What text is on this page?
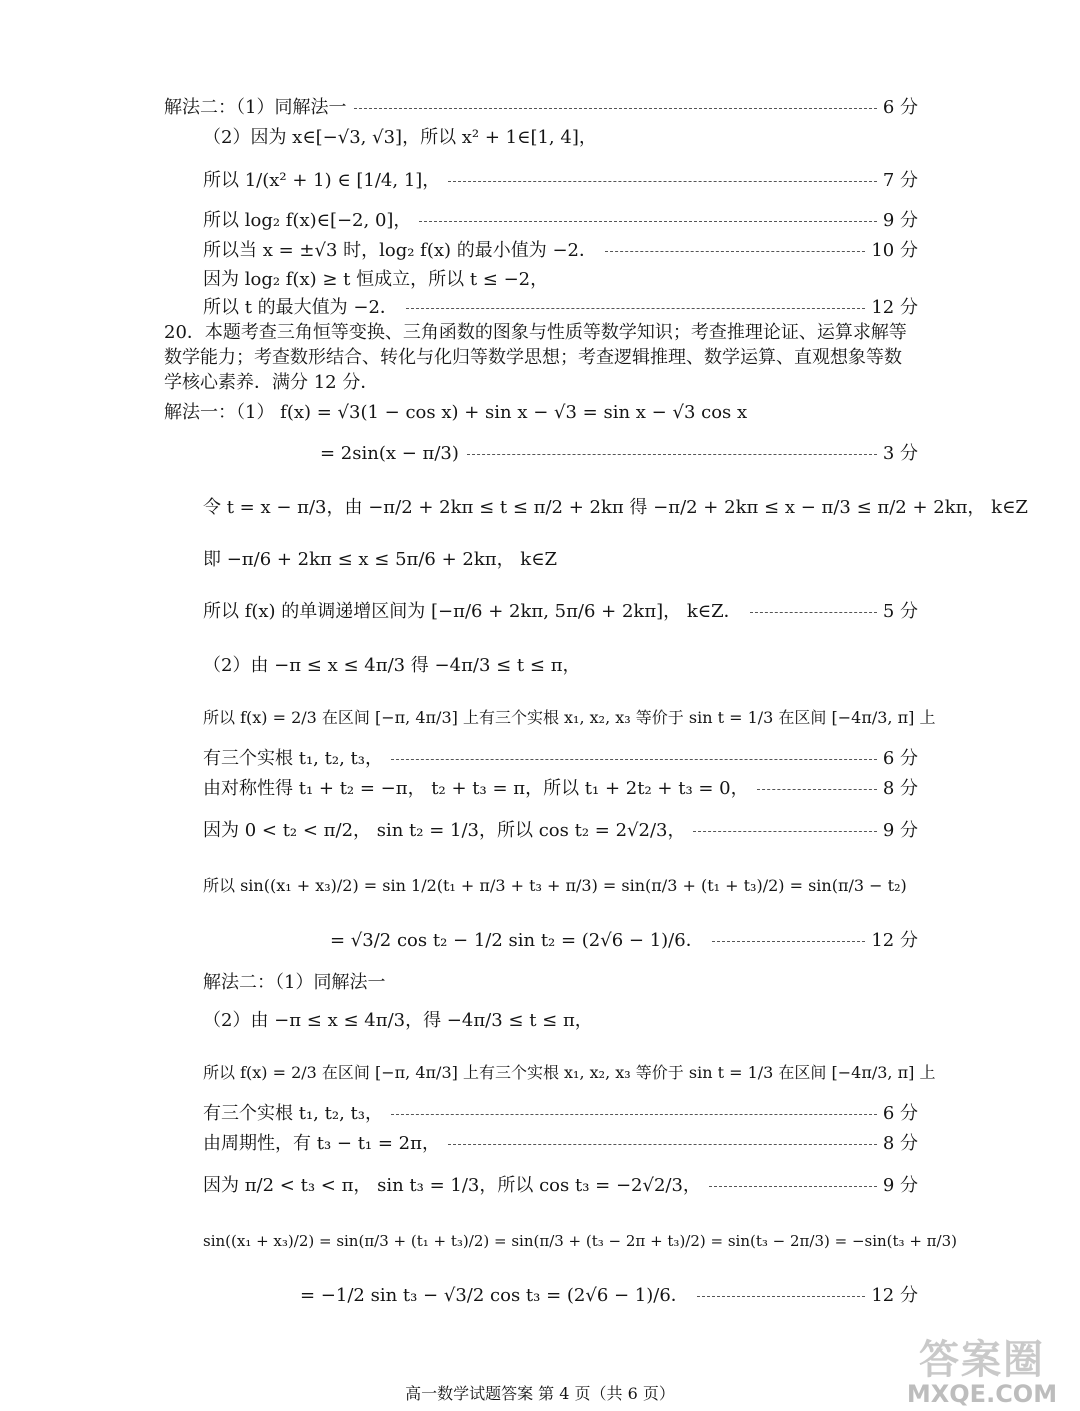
解法二：（1）同解法一	6 分
（2）因为 x∈[−√3, √3]，所以 x² + 1∈[1, 4]，
所以 1/(x² + 1) ∈ [1/4, 1]，	7 分
所以 log₂ f(x)∈[−2, 0]，	9 分
所以当 x = ±√3 时，log₂ f(x) 的最小值为 −2．	10 分
因为 log₂ f(x) ≥ t 恒成立，所以 t ≤ −2，
所以 t 的最大值为 −2．	12 分
20．本题考查三角恒等变换、三角函数的图象与性质等数学知识；考查推理论证、运算求解等数学能力；考查数形结合、转化与化归等数学思想；考查逻辑推理、数学运算、直观想象等数学核心素养．满分 12 分．
解法一：（1） f(x) = √3(1 − cos x) + sin x − √3 = sin x − √3 cos x
= 2sin(x − π/3)	3 分
令 t = x − π/3，由 −π/2 + 2kπ ≤ t ≤ π/2 + 2kπ 得 −π/2 + 2kπ ≤ x − π/3 ≤ π/2 + 2kπ， k∈Z
即 −π/6 + 2kπ ≤ x ≤ 5π/6 + 2kπ， k∈Z
所以 f(x) 的单调递增区间为 [−π/6 + 2kπ, 5π/6 + 2kπ]， k∈Z．	5 分
（2）由 −π ≤ x ≤ 4π/3 得 −4π/3 ≤ t ≤ π，
所以 f(x) = 2/3 在区间 [−π, 4π/3] 上有三个实根 x₁, x₂, x₃ 等价于 sin t = 1/3 在区间 [−4π/3, π] 上
有三个实根 t₁, t₂, t₃，	6 分
由对称性得 t₁ + t₂ = −π， t₂ + t₃ = π，所以 t₁ + 2t₂ + t₃ = 0，	8 分
因为 0 < t₂ < π/2， sin t₂ = 1/3，所以 cos t₂ = 2√2/3，	9 分
所以 sin((x₁ + x₃)/2) = sin 1/2(t₁ + π/3 + t₃ + π/3) = sin(π/3 + (t₁ + t₃)/2) = sin(π/3 − t₂)
= √3/2 cos t₂ − 1/2 sin t₂ = (2√6 − 1)/6．	12 分
解法二：（1）同解法一
（2）由 −π ≤ x ≤ 4π/3，得 −4π/3 ≤ t ≤ π，
所以 f(x) = 2/3 在区间 [−π, 4π/3] 上有三个实根 x₁, x₂, x₃ 等价于 sin t = 1/3 在区间 [−4π/3, π] 上
有三个实根 t₁, t₂, t₃，	6 分
由周期性，有 t₃ − t₁ = 2π，	8 分
因为 π/2 < t₃ < π， sin t₃ = 1/3，所以 cos t₃ = −2√2/3，	9 分
sin((x₁ + x₃)/2) = sin(π/3 + (t₁ + t₃)/2) = sin(π/3 + (t₃ − 2π + t₃)/2) = sin(t₃ − 2π/3) = −sin(t₃ + π/3)
= −1/2 sin t₃ − √3/2 cos t₃ = (2√6 − 1)/6．	12 分
答案圈
MXQE.COM
高一数学试题答案 第 4 页（共 6 页）
